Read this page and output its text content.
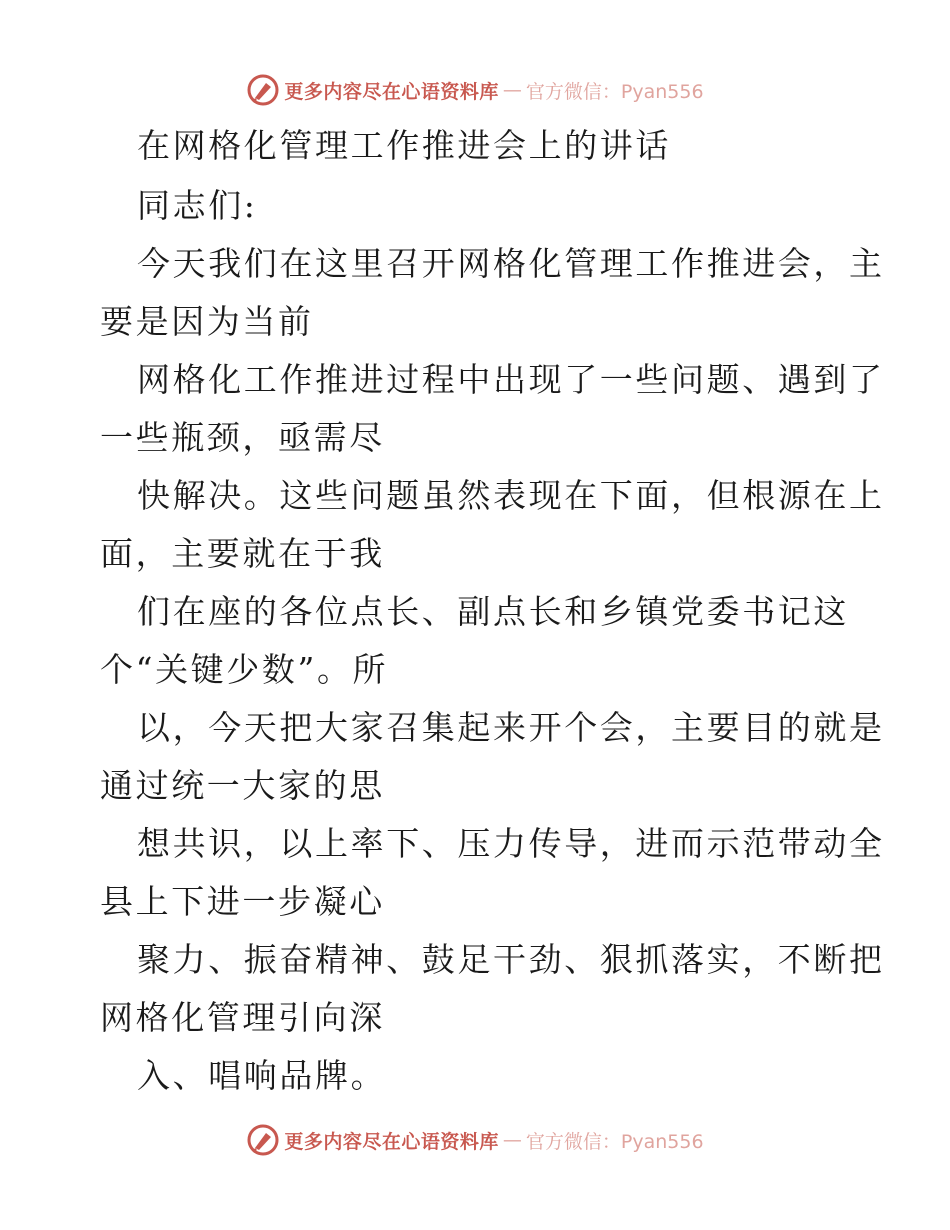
更多内容尽在心语资料库 — 官方微信：Pyan556
在网格化管理工作推进会上的讲话
同志们:
今天我们在这里召开网格化管理工作推进会，主
要是因为当前
网格化工作推进过程中出现了一些问题、遇到了
一些瓶颈，亟需尽
快解决。这些问题虽然表现在下面，但根源在上
面，主要就在于我
们在座的各位点长、副点长和乡镇党委书记这
个“关键少数”。所
以，今天把大家召集起来开个会，主要目的就是
通过统一大家的思
想共识，以上率下、压力传导，进而示范带动全
县上下进一步凝心
聚力、振奋精神、鼓足干劲、狠抓落实，不断把
网格化管理引向深
入、唱响品牌。
更多内容尽在心语资料库 — 官方微信：Pyan556
